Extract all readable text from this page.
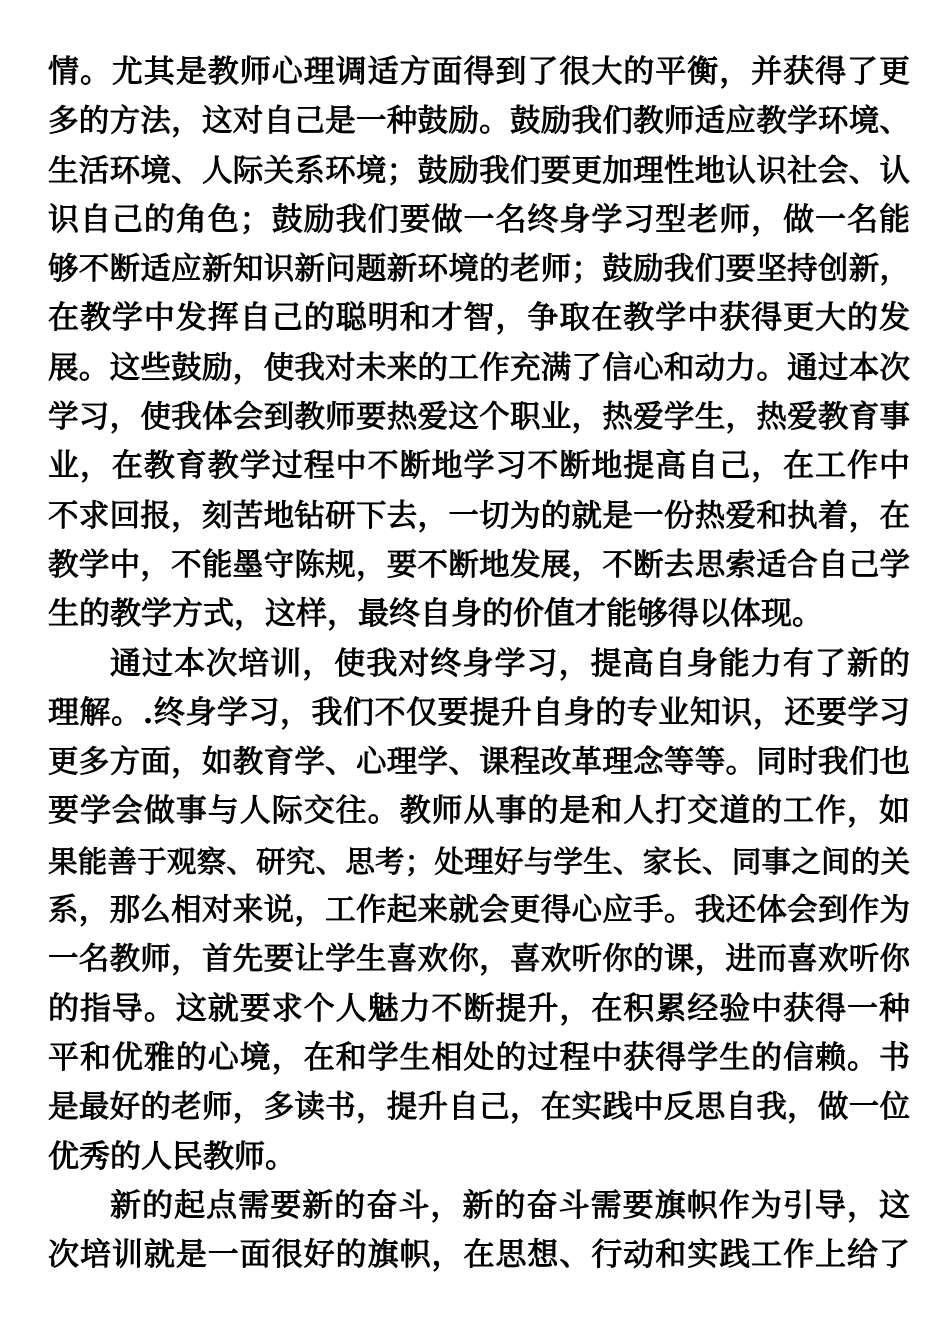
情。尤其是教师心理调适方面得到了很大的平衡，并获得了更
多的方法，这对自己是一种鼓励。鼓励我们教师适应教学环境、
生活环境、人际关系环境；鼓励我们要更加理性地认识社会、认
识自己的角色；鼓励我们要做一名终身学习型老师，做一名能
够不断适应新知识新问题新环境的老师；鼓励我们要坚持创新，
在教学中发挥自己的聪明和才智，争取在教学中获得更大的发
展。这些鼓励，使我对未来的工作充满了信心和动力。通过本次
学习，使我体会到教师要热爱这个职业，热爱学生，热爱教育事
业，在教育教学过程中不断地学习不断地提高自己，在工作中
不求回报，刻苦地钻研下去，一切为的就是一份热爱和执着，在
教学中，不能墨守陈规，要不断地发展，不断去思索适合自己学
生的教学方式，这样，最终自身的价值才能够得以体现。
通过本次培训，使我对终身学习，提高自身能力有了新的
理解。.终身学习，我们不仅要提升自身的专业知识，还要学习
更多方面，如教育学、心理学、课程改革理念等等。同时我们也
要学会做事与人际交往。教师从事的是和人打交道的工作，如
果能善于观察、研究、思考；处理好与学生、家长、同事之间的关
系，那么相对来说，工作起来就会更得心应手。我还体会到作为
一名教师，首先要让学生喜欢你，喜欢听你的课，进而喜欢听你
的指导。这就要求个人魅力不断提升，在积累经验中获得一种
平和优雅的心境，在和学生相处的过程中获得学生的信赖。书
是最好的老师，多读书，提升自己，在实践中反思自我，做一位
优秀的人民教师。
新的起点需要新的奋斗，新的奋斗需要旗帜作为引导，这
次培训就是一面很好的旗帜，在思想、行动和实践工作上给了
